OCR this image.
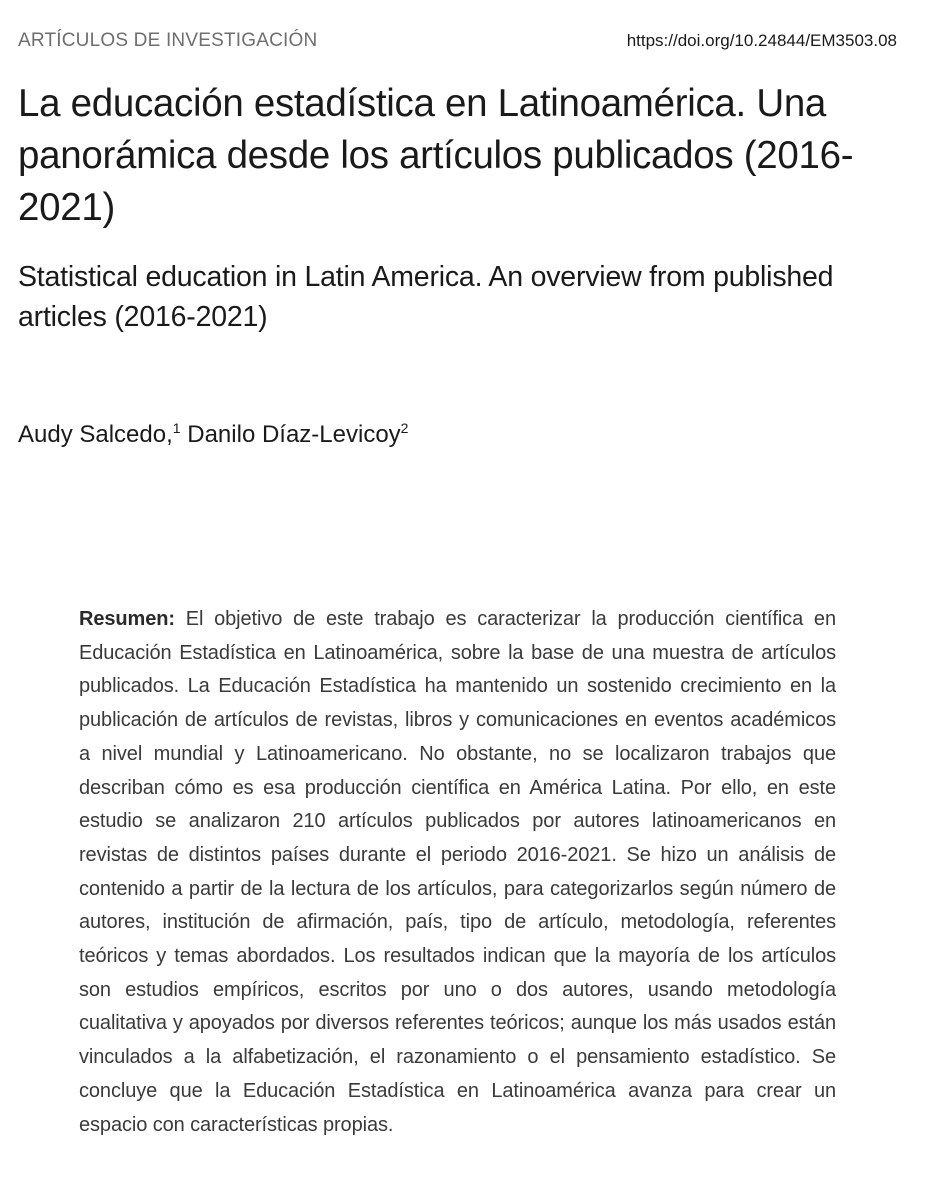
ARTÍCULOS DE INVESTIGACIÓN	https://doi.org/10.24844/EM3503.08
La educación estadística en Latinoamérica. Una panorámica desde los artículos publicados (2016-2021)
Statistical education in Latin America. An overview from published articles (2016-2021)
Audy Salcedo,$^1$ Danilo Díaz-Levicoy$^2$

Resumen: El objetivo de este trabajo es caracterizar la producción científica en Educación Estadística en Latinoamérica, sobre la base de una muestra de artículos publicados. La Educación Estadística ha mantenido un sostenido crecimiento en la publicación de artículos de revistas, libros y comunicaciones en eventos académicos a nivel mundial y Latinoamericano. No obstante, no se localizaron trabajos que describan cómo es esa producción científica en América Latina. Por ello, en este estudio se analizaron 210 artículos publicados por autores latinoamericanos en revistas de distintos países durante el periodo 2016-2021. Se hizo un análisis de contenido a partir de la lectura de los artículos, para categorizarlos según número de autores, institución de afirmación, país, tipo de artículo, metodología, referentes teóricos y temas abordados. Los resultados indican que la mayoría de los artículos son estudios empíricos, escritos por uno o dos autores, usando metodología cualitativa y apoyados por diversos referentes teóricos; aunque los más usados están vinculados a la alfabetización, el razonamiento o el pensamiento estadístico. Se concluye que la Educación Estadística en Latinoamérica avanza para crear un espacio con características propias.
